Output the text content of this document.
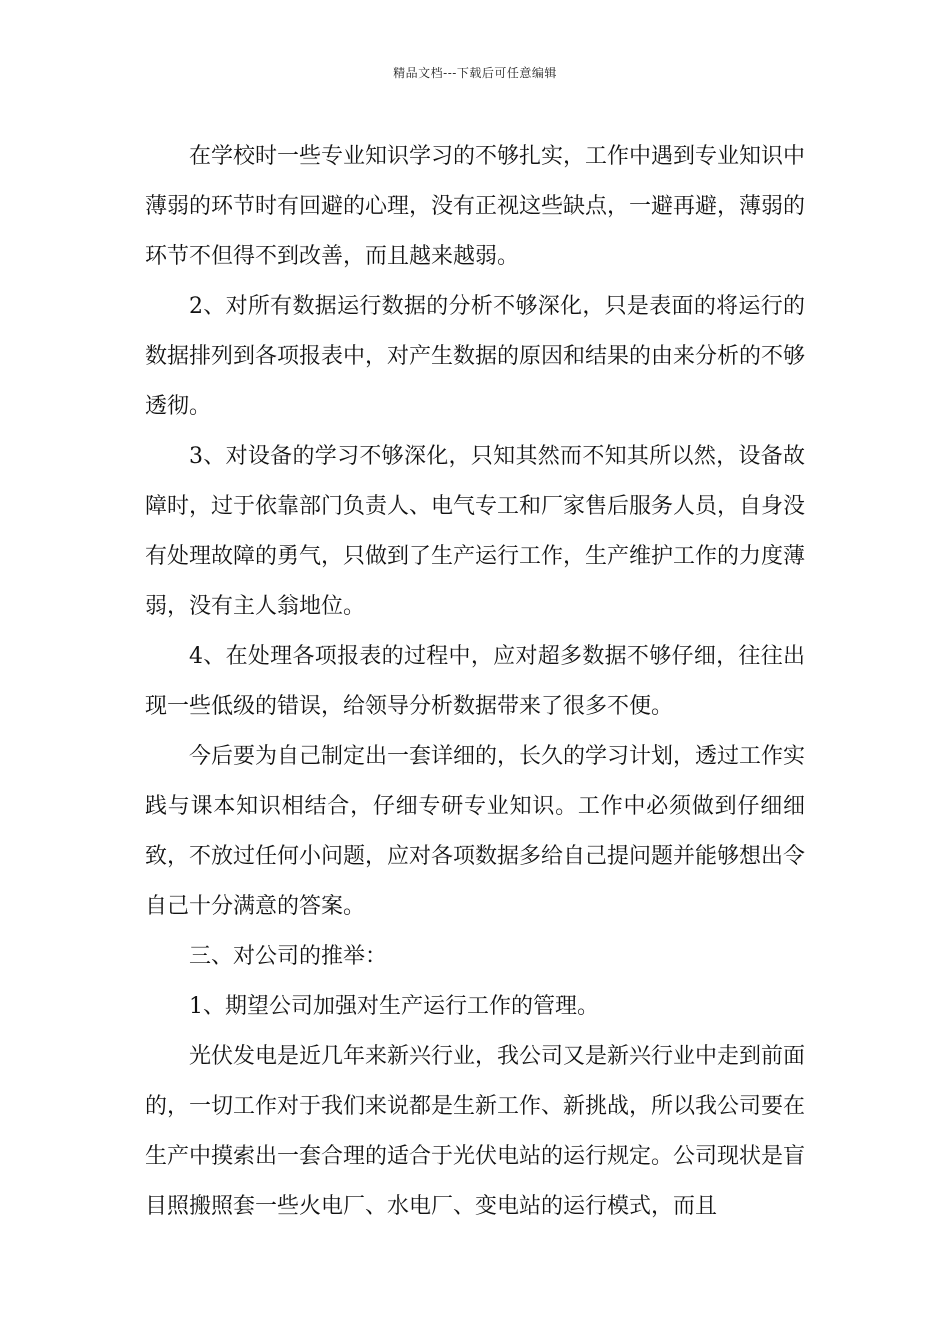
精品文档---下载后可任意编辑

在学校时一些专业知识学习的不够扎实，工作中遇到专业知识中薄弱的环节时有回避的心理，没有正视这些缺点，一避再避，薄弱的环节不但得不到改善，而且越来越弱。

2、对所有数据运行数据的分析不够深化，只是表面的将运行的数据排列到各项报表中，对产生数据的原因和结果的由来分析的不够透彻。

3、对设备的学习不够深化，只知其然而不知其所以然，设备故障时，过于依靠部门负责人、电气专工和厂家售后服务人员，自身没有处理故障的勇气，只做到了生产运行工作，生产维护工作的力度薄弱，没有主人翁地位。

4、在处理各项报表的过程中，应对超多数据不够仔细，往往出现一些低级的错误，给领导分析数据带来了很多不便。

今后要为自己制定出一套详细的，长久的学习计划，透过工作实践与课本知识相结合，仔细专研专业知识。工作中必须做到仔细细致，不放过任何小问题，应对各项数据多给自己提问题并能够想出令自己十分满意的答案。

三、对公司的推举：

1、期望公司加强对生产运行工作的管理。

光伏发电是近几年来新兴行业，我公司又是新兴行业中走到前面的，一切工作对于我们来说都是生新工作、新挑战，所以我公司要在生产中摸索出一套合理的适合于光伏电站的运行规定。公司现状是盲目照搬照套一些火电厂、水电厂、变电站的运行模式，而且
